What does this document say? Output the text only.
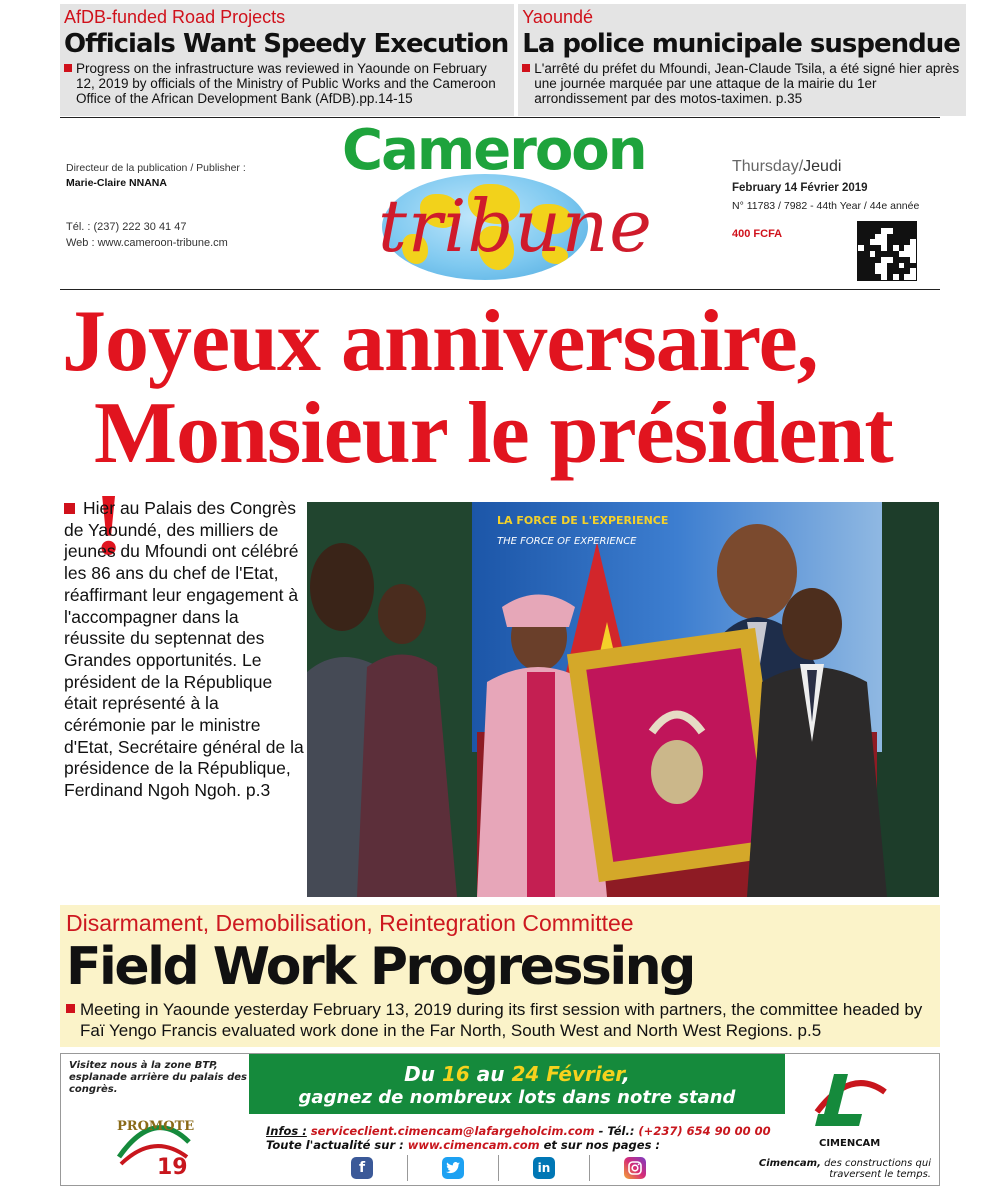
AfDB-funded Road Projects
Officials Want Speedy Execution
Progress on the infrastructure was reviewed in Yaounde on February 12, 2019 by officials of the Ministry of Public Works and the Cameroon Office of the African Development Bank (AfDB).pp.14-15
Yaoundé
La police municipale suspendue
L'arrêté du préfet du Mfoundi, Jean-Claude Tsila, a été signé hier après une journée marquée par une attaque de la mairie du 1er arrondissement par des motos-taximen. p.35
Directeur de la publication / Publisher :
Marie-Claire NNANA
Tél. : (237) 222 30 41 47
Web : www.cameroon-tribune.cm
Cameroon
tribune
Thursday/Jeudi
February 14 Février 2019
N° 11783 / 7982 - 44th Year / 44e année
400 FCFA
Joyeux anniversaire,
Monsieur le président !
Hier au Palais des Congrès de Yaoundé, des milliers de jeunes du Mfoundi ont célébré les 86 ans du chef de l'Etat, réaffirmant leur engagement à l'accompagner dans la réussite du septennat des Grandes opportunités. Le président de la République était représenté à la cérémonie par le ministre d'Etat, Secrétaire général de la présidence de la République, Ferdinand Ngoh Ngoh. p.3
LA FORCE DE L'EXPERIENCE
THE FORCE OF EXPERIENCE
Disarmament, Demobilisation, Reintegration Committee
Field Work Progressing
Meeting in Yaounde yesterday February 13, 2019 during its first session with partners, the committee headed by Faï Yengo Francis evaluated work done in the Far North, South West and North West Regions. p.5
Visitez nous à la zone BTP, esplanade arrière du palais des congrès.
PROMOTE
19
Du 16 au 24 Février,
gagnez de nombreux lots dans notre stand
Infos : serviceclient.cimencam@lafargeholcim.com - Tél.: (+237) 654 90 00 00
Toute l'actualité sur : www.cimencam.com et sur nos pages :
f	in
CIMENCAM
Cimencam, des constructions qui traversent le temps.
